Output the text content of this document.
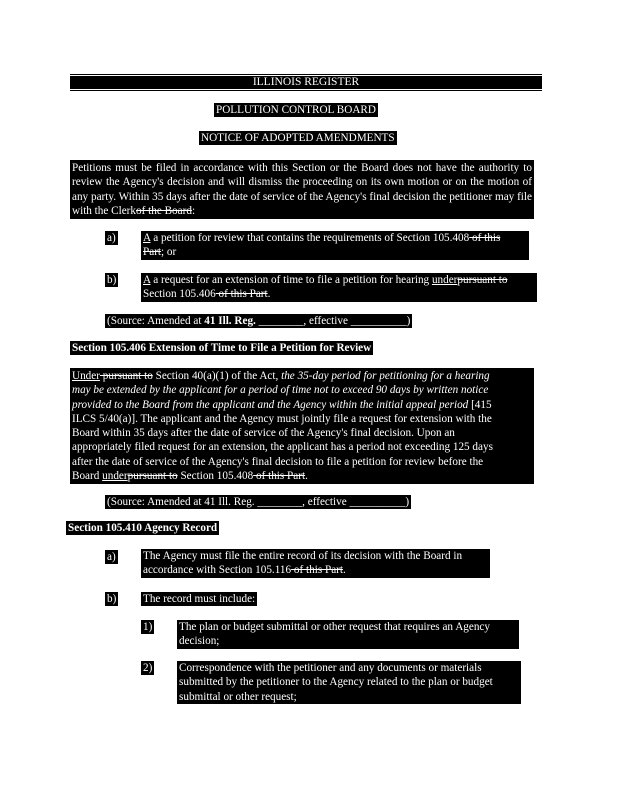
ILLINOIS REGISTER
POLLUTION CONTROL BOARD
NOTICE OF ADOPTED AMENDMENTS
Petitions must be filed in accordance with this Section or the Board does not have the authority to review the Agency's decision and will dismiss the proceeding on its own motion or on the motion of any party. Within 35 days after the date of service of the Agency's final decision the petitioner may file with the Clerkof the Board:
a) A a petition for review that contains the requirements of Section 105.408 of this
Part; or
b) A a request for an extension of time to file a petition for hearing underpursuant to
Section 105.406 of this Part.
(Source: Amended at 41 Ill. Reg. ________, effective __________)
Section 105.406 Extension of Time to File a Petition for Review
Under pursuant to Section 40(a)(1) of the Act, the 35-day period for petitioning for a hearing
may be extended by the applicant for a period of time not to exceed 90 days by written notice
provided to the Board from the applicant and the Agency within the initial appeal period [415
ILCS 5/40(a)]. The applicant and the Agency must jointly file a request for extension with the
Board within 35 days after the date of service of the Agency's final decision. Upon an
appropriately filed request for an extension, the applicant has a period not exceeding 125 days
after the date of service of the Agency's final decision to file a petition for review before the
Board underpursuant to Section 105.408 of this Part.
(Source: Amended at 41 Ill. Reg. ________, effective __________)
Section 105.410 Agency Record
a) The Agency must file the entire record of its decision with the Board in
accordance with Section 105.116 of this Part.
b) The record must include:
1) The plan or budget submittal or other request that requires an Agency
decision;
2) Correspondence with the petitioner and any documents or materials
submitted by the petitioner to the Agency related to the plan or budget
submittal or other request;
